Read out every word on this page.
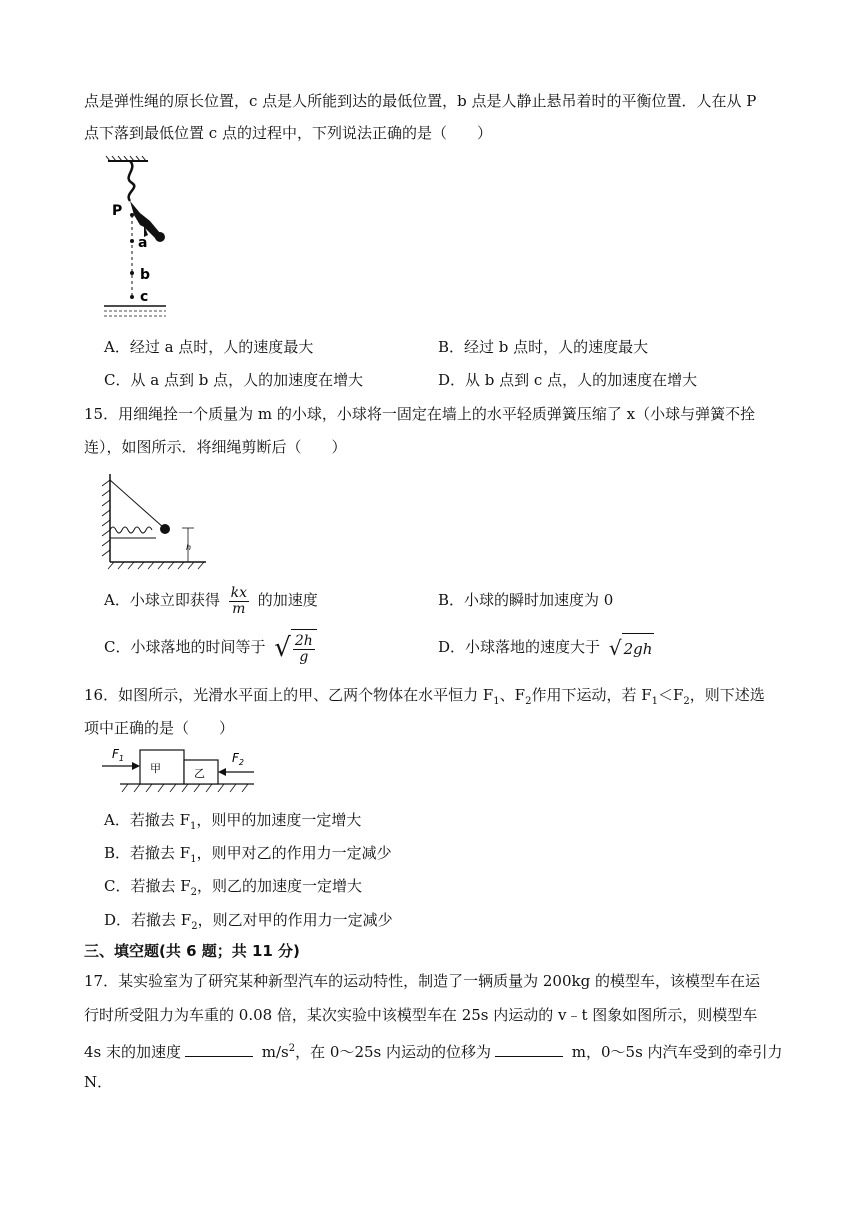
点是弹性绳的原长位置，c 点是人所能到达的最低位置，b 点是人静止悬吊着时的平衡位置．人在从 P
点下落到最低位置 c 点的过程中，下列说法正确的是（　　）
P
a
b
c
A．经过 a 点时，人的速度最大	B．经过 b 点时，人的速度最大
C．从 a 点到 b 点，人的加速度在增大	D．从 b 点到 c 点，人的加速度在增大
15．用细绳拴一个质量为 m 的小球，小球将一固定在墙上的水平轻质弹簧压缩了 x（小球与弹簧不拴
连），如图所示．将细绳剪断后（　　）
h
A．小球立即获得 $\frac{kx}{m}$ 的加速度	B．小球的瞬时加速度为 0
C．小球落地的时间等于 √ $\frac{2h}{g}$	D．小球落地的速度大于 √ 2gh
16．如图所示，光滑水平面上的甲、乙两个物体在水平恒力 $F_1$、$F_2$作用下运动，若 $F_1<F_2$，则下述选
项中正确的是（　　）
甲	乙
$F_1$	$F_2$
A．若撤去 $F_1$，则甲的加速度一定增大
B．若撤去 $F_1$，则甲对乙的作用力一定减少
C．若撤去 $F_2$，则乙的加速度一定增大
D．若撤去 $F_2$，则乙对甲的作用力一定减少
三、填空题(共 6 题；共 11 分)
17．某实验室为了研究某种新型汽车的运动特性，制造了一辆质量为 200kg 的模型车，该模型车在运
行时所受阻力为车重的 0.08 倍，某次实验中该模型车在 25s 内运动的 v﹣t 图象如图所示，则模型车
4s 末的加速度	$m/s^2$，在 0～25s 内运动的位移为	m，0～5s 内汽车受到的牵引力
N．
